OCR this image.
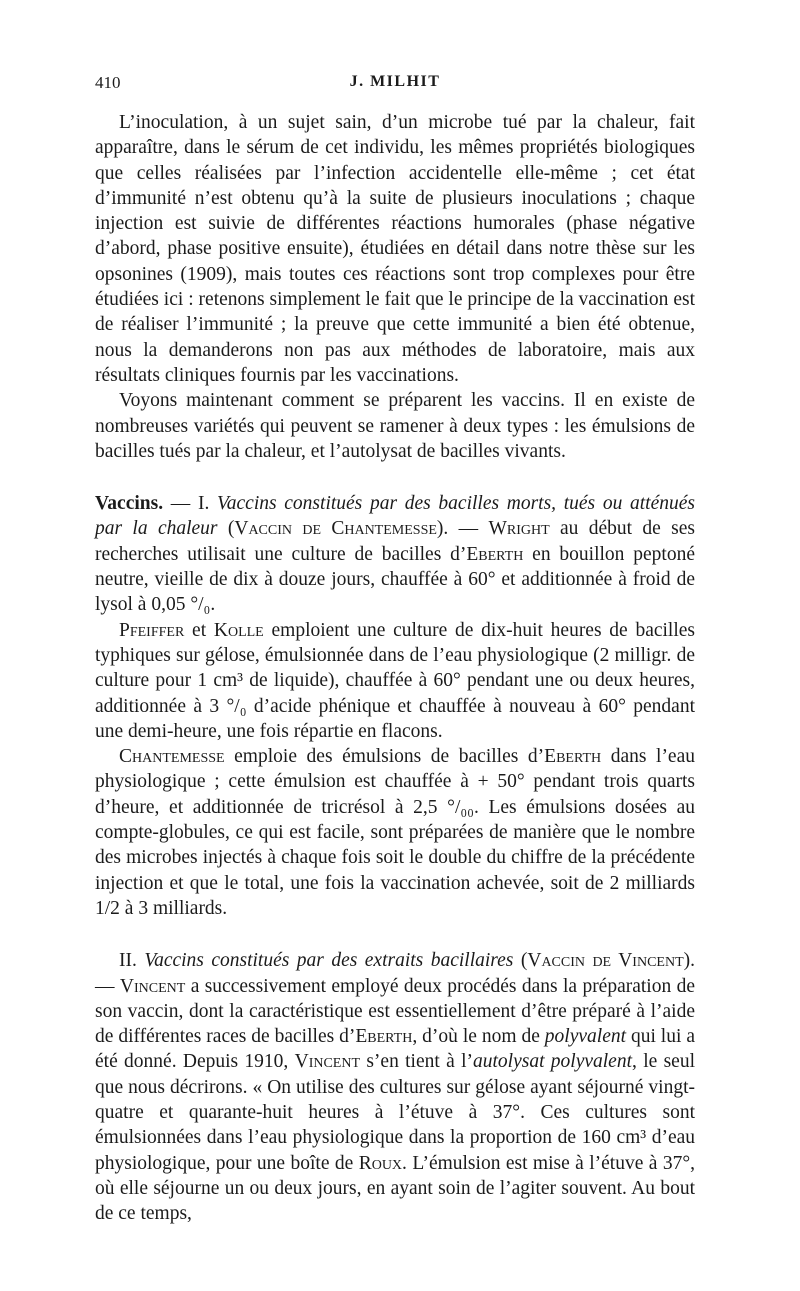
410	J. MILHIT

L’inoculation, à un sujet sain, d’un microbe tué par la chaleur, fait apparaître, dans le sérum de cet individu, les mêmes propriétés biologiques que celles réalisées par l’infection accidentelle elle-même ; cet état d’immunité n’est obtenu qu’à la suite de plusieurs inoculations ; chaque injection est suivie de différentes réactions humorales (phase négative d’abord, phase positive ensuite), étudiées en détail dans notre thèse sur les opsonines (1909), mais toutes ces réactions sont trop complexes pour être étudiées ici : retenons simplement le fait que le principe de la vaccination est de réaliser l’immunité ; la preuve que cette immunité a bien été obtenue, nous la demanderons non pas aux méthodes de laboratoire, mais aux résultats cliniques fournis par les vaccinations.

Voyons maintenant comment se préparent les vaccins. Il en existe de nombreuses variétés qui peuvent se ramener à deux types : les émulsions de bacilles tués par la chaleur, et l’autolysat de bacilles vivants.

Vaccins. — I. Vaccins constitués par des bacilles morts, tués ou atténués par la chaleur (Vaccin de Chantemesse). — Wright au début de ses recherches utilisait une culture de bacilles d’Eberth en bouillon peptoné neutre, vieille de dix à douze jours, chauffée à 60° et additionnée à froid de lysol à 0,05 °/₀.

Pfeiffer et Kolle emploient une culture de dix-huit heures de bacilles typhiques sur gélose, émulsionnée dans de l’eau physiologique (2 milligr. de culture pour 1 cm³ de liquide), chauffée à 60° pendant une ou deux heures, additionnée à 3 °/₀ d’acide phénique et chauffée à nouveau à 60° pendant une demi-heure, une fois répartie en flacons.

Chantemesse emploie des émulsions de bacilles d’Eberth dans l’eau physiologique ; cette émulsion est chauffée à + 50° pendant trois quarts d’heure, et additionnée de tricrésol à 2,5 °/₀₀. Les émulsions dosées au compte-globules, ce qui est facile, sont préparées de manière que le nombre des microbes injectés à chaque fois soit le double du chiffre de la précédente injection et que le total, une fois la vaccination achevée, soit de 2 milliards 1/2 à 3 milliards.

II. Vaccins constitués par des extraits bacillaires (Vaccin de Vincent). — Vincent a successivement employé deux procédés dans la préparation de son vaccin, dont la caractéristique est essentiellement d’être préparé à l’aide de différentes races de bacilles d’Eberth, d’où le nom de polyvalent qui lui a été donné. Depuis 1910, Vincent s’en tient à l’autolysat polyvalent, le seul que nous décrirons. « On utilise des cultures sur gélose ayant séjourné vingt-quatre et quarante-huit heures à l’étuve à 37°. Ces cultures sont émulsionnées dans l’eau physiologique dans la proportion de 160 cm³ d’eau physiologique, pour une boîte de Roux. L’émulsion est mise à l’étuve à 37°, où elle séjourne un ou deux jours, en ayant soin de l’agiter souvent. Au bout de ce temps,
